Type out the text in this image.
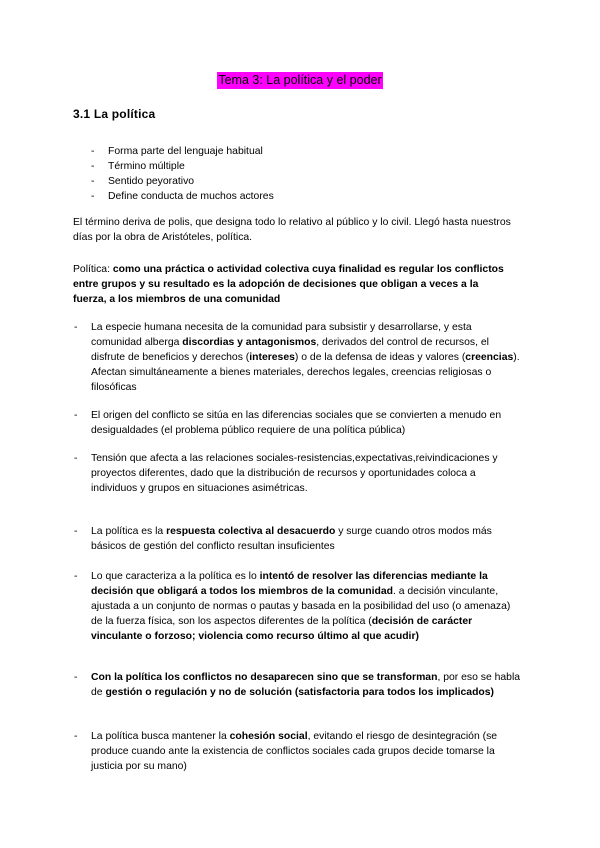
Tema 3: La política y el poder
3.1 La política
- Forma parte del lenguaje habitual
- Término múltiple
- Sentido peyorativo
- Define conducta de muchos actores

El término deriva de polis, que designa todo lo relativo al público y lo civil. Llegó hasta nuestros días por la obra de Aristóteles, política.

Política: como una práctica o actividad colectiva cuya finalidad es regular los conflictos entre grupos y su resultado es la adopción de decisiones que obligan a veces a la fuerza, a los miembros de una comunidad

- La especie humana necesita de la comunidad para subsistir y desarrollarse, y esta comunidad alberga discordias y antagonismos, derivados del control de recursos, el disfrute de beneficios y derechos (intereses) o de la defensa de ideas y valores (creencias). Afectan simultáneamente a bienes materiales, derechos legales, creencias religiosas o filosóficas

- El origen del conflicto se sitúa en las diferencias sociales que se convierten a menudo en desigualdades (el problema público requiere de una política pública)

- Tensión que afecta a las relaciones sociales-resistencias,expectativas,reivindicaciones y proyectos diferentes, dado que la distribución de recursos y oportunidades coloca a individuos y grupos en situaciones asimétricas.

- La política es la respuesta colectiva al desacuerdo y surge cuando otros modos más básicos de gestión del conflicto resultan insuficientes

- Lo que caracteriza a la política es lo intentó de resolver las diferencias mediante la decisión que obligará a todos los miembros de la comunidad. a decisión vinculante, ajustada a un conjunto de normas o pautas y basada en la posibilidad del uso (o amenaza) de la fuerza física, son los aspectos diferentes de la política (decisión de carácter vinculante o forzoso; violencia como recurso último al que acudir)

- Con la política los conflictos no desaparecen sino que se transforman, por eso se habla de gestión o regulación y no de solución (satisfactoria para todos los implicados)

- La política busca mantener la cohesión social, evitando el riesgo de desintegración (se produce cuando ante la existencia de conflictos sociales cada grupos decide tomarse la justicia por su mano)
